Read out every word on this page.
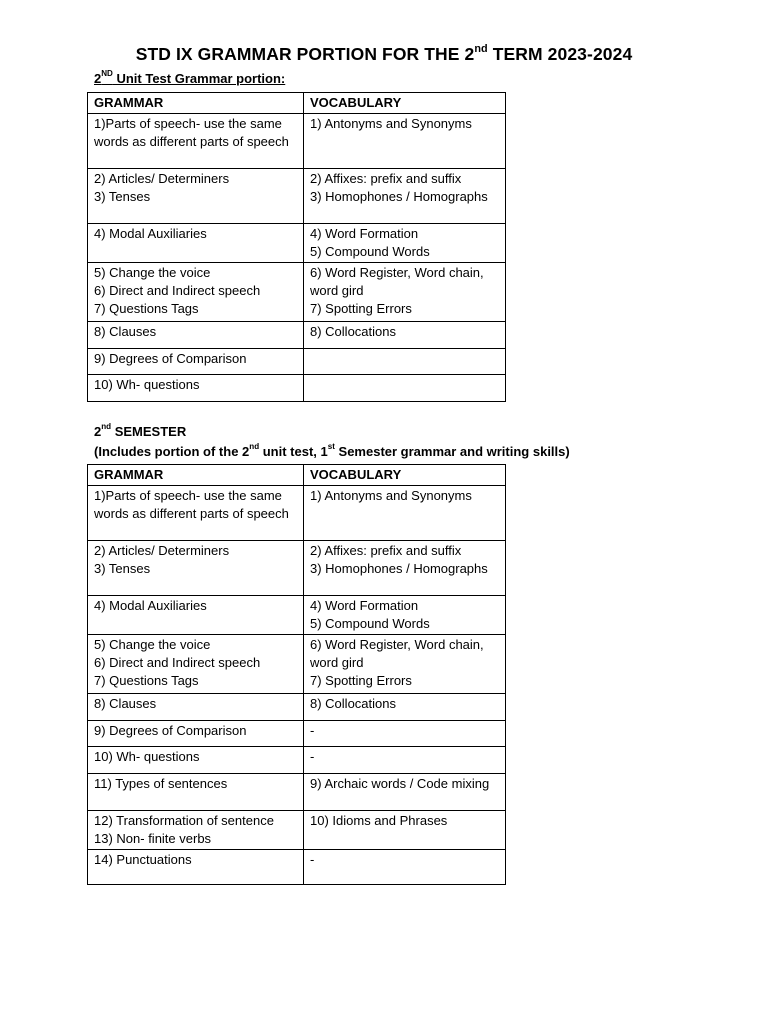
STD IX GRAMMAR PORTION FOR THE 2nd TERM 2023-2024
2ND Unit Test Grammar portion:
GRAMMAR	VOCABULARY

1)Parts of speech- use the same words as different parts of speech	1) Antonyms and Synonyms

2) Articles/ Determiners
3) Tenses	2) Affixes: prefix and suffix
3) Homophones / Homographs

4) Modal Auxiliaries	4) Word Formation
5) Compound Words

5) Change the voice
6) Direct and Indirect speech
7) Questions Tags	6) Word Register, Word chain, word gird
7) Spotting Errors

8) Clauses	8) Collocations

9) Degrees of Comparison	

10) Wh- questions	

2nd SEMESTER
(Includes portion of the 2nd unit test, 1st Semester grammar and writing skills)
GRAMMAR	VOCABULARY

1)Parts of speech- use the same words as different parts of speech	1) Antonyms and Synonyms

2) Articles/ Determiners
3) Tenses	2) Affixes: prefix and suffix
3) Homophones / Homographs

4) Modal Auxiliaries	4) Word Formation
5) Compound Words

5) Change the voice
6) Direct and Indirect speech
7) Questions Tags	6) Word Register, Word chain, word gird
7) Spotting Errors

8) Clauses	8) Collocations

9) Degrees of Comparison	-

10) Wh- questions	-

11) Types of sentences	9) Archaic words / Code mixing

12) Transformation of sentence
13) Non- finite verbs	10) Idioms and Phrases

14) Punctuations	-
